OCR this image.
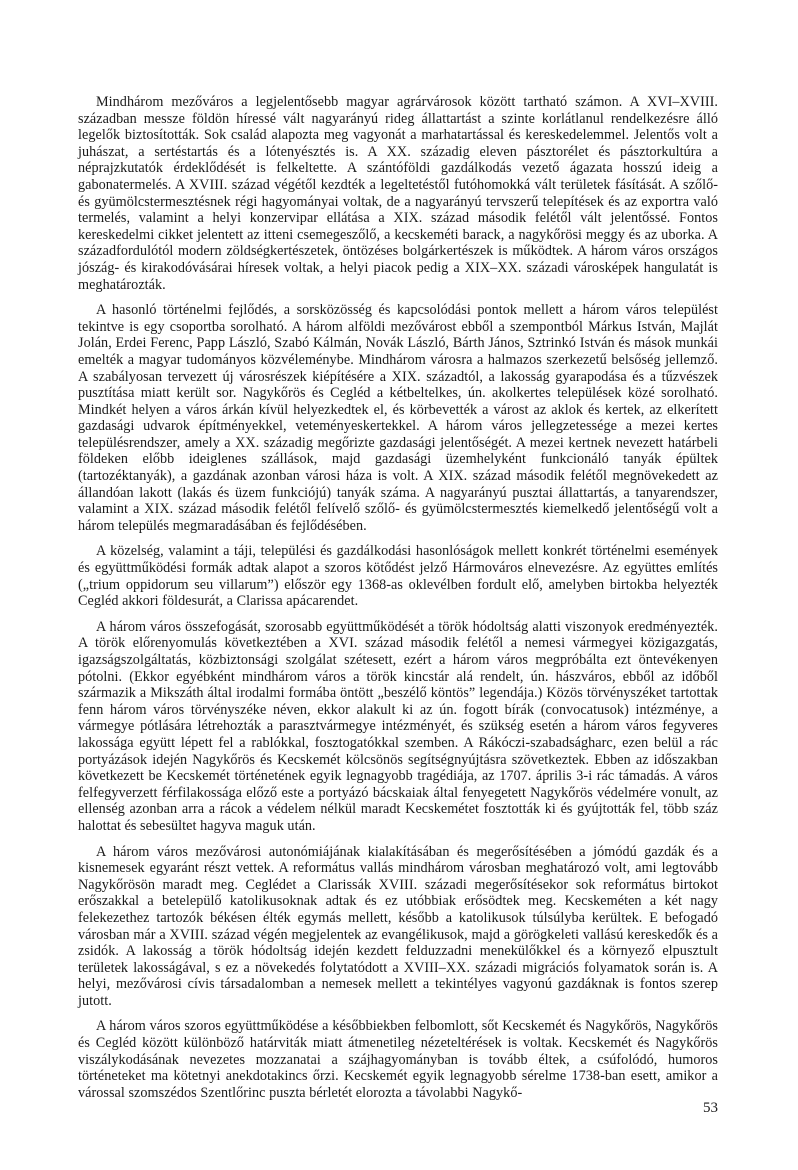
Mindhárom mezőváros a legjelentősebb magyar agrárvárosok között tartható számon. A XVI–XVIII. században messze földön híressé vált nagyarányú rideg állattartást a szinte korlátlanul rendelkezésre álló legelők biztosították. Sok család alapozta meg vagyonát a marhatartással és kereskedelemmel. Jelentős volt a juhászat, a sertéstartás és a lótenyésztés is. A XX. századig eleven pásztorélet és pásztorkultúra a néprajzkutatók érdeklődését is felkeltette. A szántóföldi gazdálkodás vezető ágazata hosszú ideig a gabonatermelés. A XVIII. század végétől kezdték a legeltetéstől futóhomokká vált területek fásítását. A szőlő- és gyümölcstermesztésnek régi hagyományai voltak, de a nagyarányú tervszerű telepítések és az exportra való termelés, valamint a helyi konzervipar ellátása a XIX. század második felétől vált jelentőssé. Fontos kereskedelmi cikket jelentett az itteni csemegeszőlő, a kecskeméti barack, a nagykőrösi meggy és az uborka. A századfordulótól modern zöldségkertészetek, öntözéses bolgárkertészek is működtek. A három város országos jószág- és kirakodóvásárai híresek voltak, a helyi piacok pedig a XIX–XX. századi városképek hangulatát is meghatározták.

A hasonló történelmi fejlődés, a sorsközösség és kapcsolódási pontok mellett a három város települést tekintve is egy csoportba sorolható. A három alföldi mezővárost ebből a szempontból Márkus István, Majlát Jolán, Erdei Ferenc, Papp László, Szabó Kálmán, Novák László, Bárth János, Sztrinkó István és mások munkái emelték a magyar tudományos közvéleménybe. Mindhárom városra a halmazos szerkezetű belsőség jellemző. A szabályosan tervezett új városrészek kiépítésére a XIX. századtól, a lakosság gyarapodása és a tűzvészek pusztítása miatt került sor. Nagykőrös és Cegléd a kétbeltelkes, ún. akolkertes települések közé sorolható. Mindkét helyen a város árkán kívül helyezkedtek el, és körbevették a várost az aklok és kertek, az elkerített gazdasági udvarok építményekkel, veteményeskertekkel. A három város jellegzetessége a mezei kertes településrendszer, amely a XX. századig megőrizte gazdasági jelentőségét. A mezei kertnek nevezett határbeli földeken előbb ideiglenes szállások, majd gazdasági üzemhelyként funkcionáló tanyák épültek (tartozéktanyák), a gazdának azonban városi háza is volt. A XIX. század második felétől megnövekedett az állandóan lakott (lakás és üzem funkciójú) tanyák száma. A nagyarányú pusztai állattartás, a tanyarendszer, valamint a XIX. század második felétől felívelő szőlő- és gyümölcstermesztés kiemelkedő jelentőségű volt a három település megmaradásában és fejlődésében.

A közelség, valamint a táji, települési és gazdálkodási hasonlóságok mellett konkrét történelmi események és együttműködési formák adtak alapot a szoros kötődést jelző Hármováros elnevezésre. Az együttes említés („trium oppidorum seu villarum”) először egy 1368-as oklevélben fordult elő, amelyben birtokba helyezték Cegléd akkori földesurát, a Clarissa apácarendet.

A három város összefogását, szorosabb együttműködését a török hódoltság alatti viszonyok eredményezték. A török előrenyomulás következtében a XVI. század második felétől a nemesi vármegyei közigazgatás, igazságszolgáltatás, közbiztonsági szolgálat szétesett, ezért a három város megpróbálta ezt öntevékenyen pótolni. (Ekkor egyébként mindhárom város a török kincstár alá rendelt, ún. hászváros, ebből az időből származik a Mikszáth által irodalmi formába öntött „beszélő köntös” legendája.) Közös törvényszéket tartottak fenn három város törvényszéke néven, ekkor alakult ki az ún. fogott bírák (convocatusok) intézménye, a vármegye pótlására létrehozták a parasztvármegye intézményét, és szükség esetén a három város fegyveres lakossága együtt lépett fel a rablókkal, fosztogatókkal szemben. A Rákóczi-szabadságharc, ezen belül a rác portyázások idején Nagykőrös és Kecskemét kölcsönös segítségnyújtásra szövetkeztek. Ebben az időszakban következett be Kecskemét történetének egyik legnagyobb tragédiája, az 1707. április 3-i rác támadás. A város felfegyverzett férfilakossága előző este a portyázó bácskaiak által fenyegetett Nagykőrös védelmére vonult, az ellenség azonban arra a rácok a védelem nélkül maradt Kecskemétet fosztották ki és gyújtották fel, több száz halottat és sebesültet hagyva maguk után.

A három város mezővárosi autonómiájának kialakításában és megerősítésében a jómódú gazdák és a kisnemesek egyaránt részt vettek. A református vallás mindhárom városban meghatározó volt, ami legtovább Nagykőrösön maradt meg. Ceglédet a Clarissák XVIII. századi megerősítésekor sok református birtokot erőszakkal a betelepülő katolikusoknak adtak és ez utóbbiak erősödtek meg. Kecskeméten a két nagy felekezethez tartozók békésen élték egymás mellett, később a katolikusok túlsúlyba kerültek. E befogadó városban már a XVIII. század végén megjelentek az evangélikusok, majd a görögkeleti vallású kereskedők és a zsidók. A lakosság a török hódoltság idején kezdett felduzzadni menekülőkkel és a környező elpusztult területek lakosságával, s ez a növekedés folytatódott a XVIII–XX. századi migrációs folyamatok során is. A helyi, mezővárosi cívis társadalomban a nemesek mellett a tekintélyes vagyonú gazdáknak is fontos szerep jutott.

A három város szoros együttműködése a későbbiekben felbomlott, sőt Kecskemét és Nagykőrös, Nagykőrös és Cegléd között különböző határviták miatt átmenetileg nézeteltérések is voltak. Kecskemét és Nagykőrös viszálykodásának nevezetes mozzanatai a szájhagyományban is tovább éltek, a csúfolódó, humoros történeteket ma kötetnyi anekdotakincs őrzi. Kecskemét egyik legnagyobb sérelme 1738-ban esett, amikor a várossal szomszédos Szentlőrinc puszta bérletét elorozta a távolabbi Nagykő-

53
